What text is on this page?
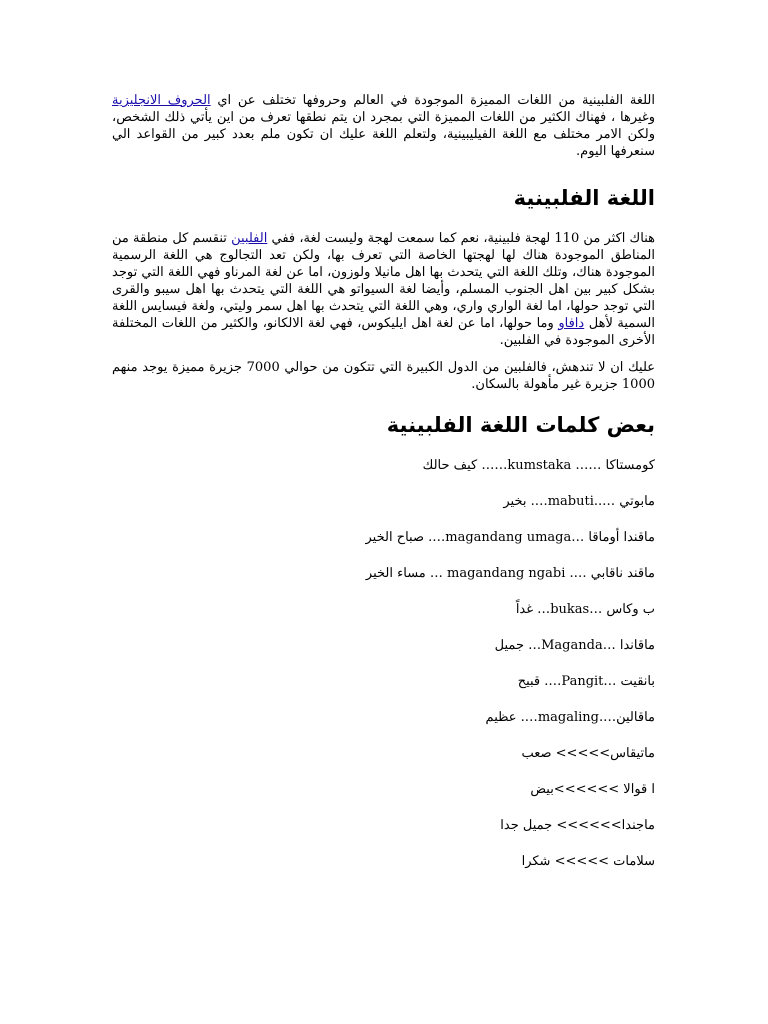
اللغة الفلبينية من اللغات المميزة الموجودة في العالم وحروفها تختلف عن اي الحروف الانجليزية وغيرها ، فهناك الكثير من اللغات المميزة التي بمجرد ان يتم نطقها تعرف من اين يأتي ذلك الشخص، ولكن الامر مختلف مع اللغة الفيليبينية، ولتعلم اللغة عليك ان تكون ملم بعدد كبير من القواعد الي سنعرفها اليوم.

اللغة الفلبينية

هناك اكثر من 110 لهجة فلبينية، نعم كما سمعت لهجة وليست لغة، ففي الفلبين تنقسم كل منطقة من المناطق الموجودة هناك لها لهجتها الخاصة التي تعرف بها، ولكن تعد التجالوج هي اللغة الرسمية الموجودة هناك، وتلك اللغة التي يتحدث بها اهل مانيلا ولوزون، اما عن لغة المرناو فهي اللغة التي توجد بشكل كبير بين اهل الجنوب المسلم، وأيضا لغة السيواتو هي اللغة التي يتحدث بها اهل سيبو والقرى التي توجد حولها، اما لغة الواري واري، وهي اللغة التي يتحدث بها اهل سمر وليتي، ولغة فيسايس اللغة السمية لأهل دافاو وما حولها، اما عن لغة اهل ايليكوس، فهي لغة الالكانو، والكثير من اللغات المختلفة الأخرى الموجودة في الفلبين.

عليك ان لا تندهش، فالفلبين من الدول الكبيرة التي تتكون من حوالي 7000 جزيرة مميزة يوجد منهم 1000 جزيرة غير مأهولة بالسكان.

بعض كلمات اللغة الفلبينية
كومستاكا …… kumstaka…… كيف حالك
مابوتي …..mabuti…. بخير
ماقندا أوماقا …magandang umaga…. صباح الخير
ماقند ناقابي …. magandang ngabi … مساء الخير
ب وكاس …bukas… غداً
ماقاندا …Maganda… جميل
بانقيت …Pangit…. قبيح
ماقالين….magaling…. عظيم
ماتيقاس>>>>> صعب
ا قوالا >>>>>>بيض
ماجندا>>>>>> جميل جدا
سلامات >>>>> شكرا
